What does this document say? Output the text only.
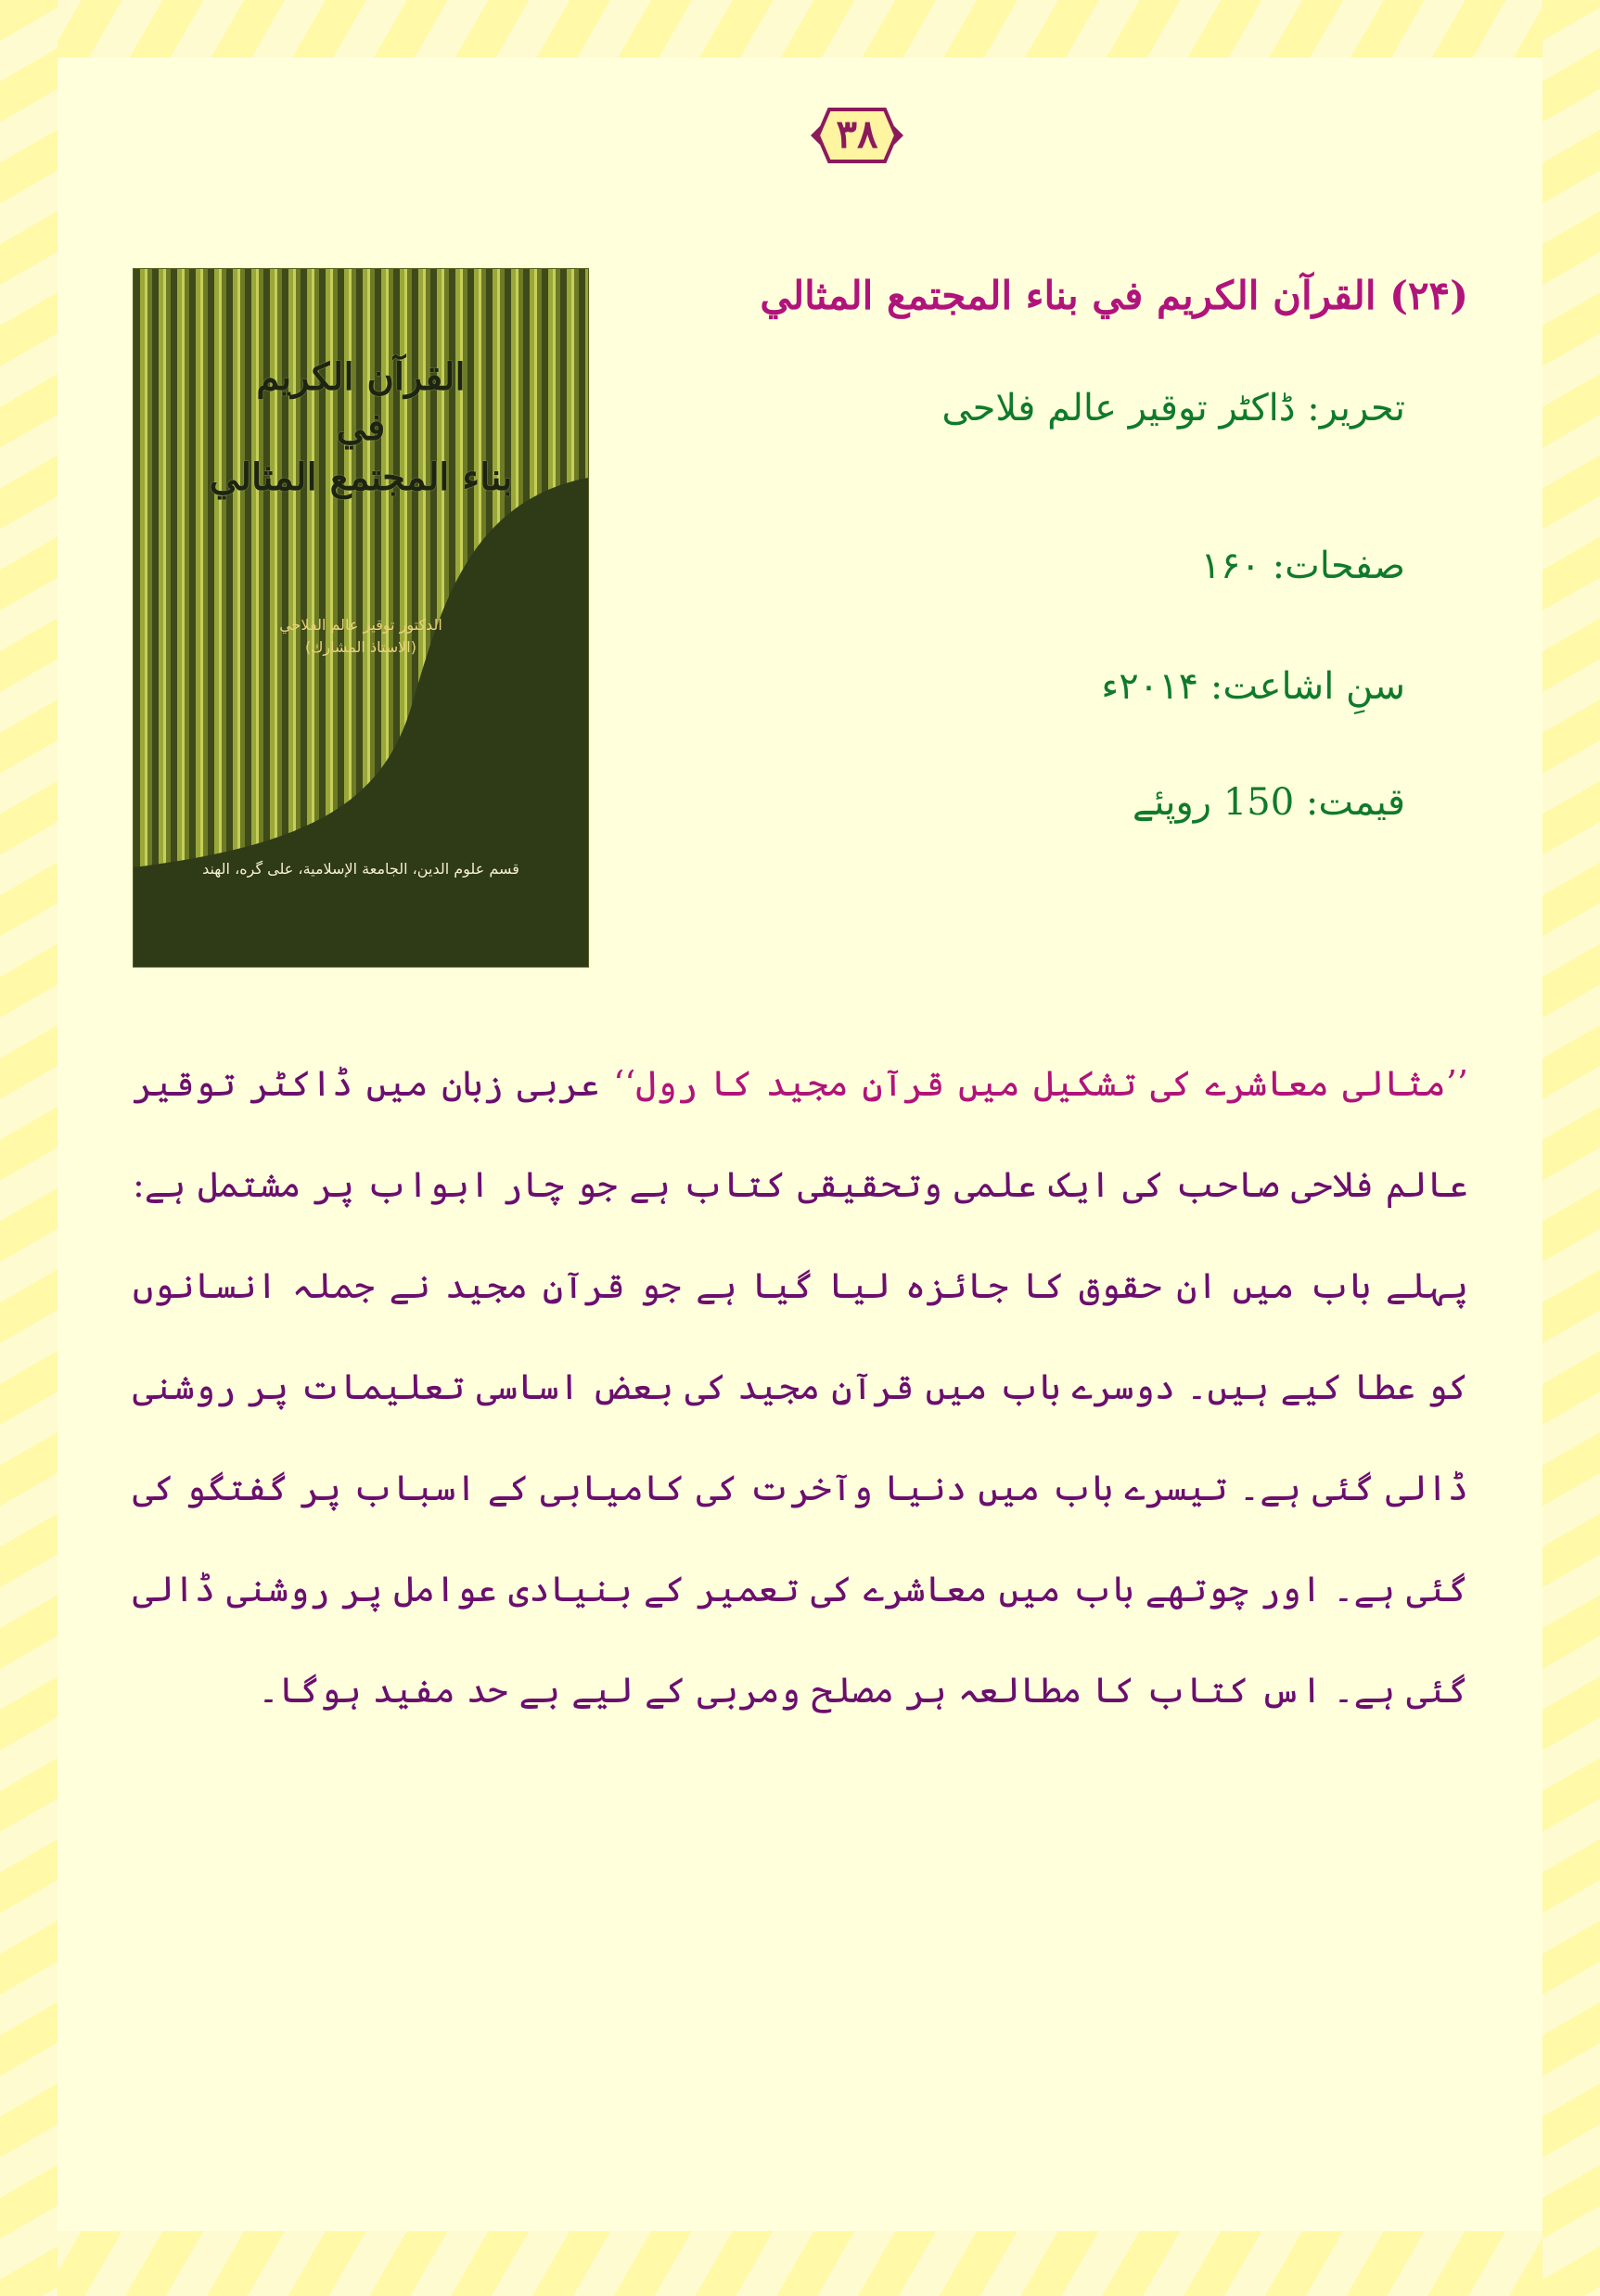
۳۸
القرآن الكريم
في
بناء المجتمع المثالي
الدكتور توقير عالم الفلاحي
(الاستاذ المشارك)
قسم علوم الدين، الجامعة الإسلامية، علی گره، الهند
(۲۴) القرآن الكريم في بناء المجتمع المثالي
تحریر: ڈاکٹر توقیر عالم فلاحی
صفحات: ۱۶۰
سنِ اشاعت: ۲۰۱۴ء
قیمت: 150 روپئے
’’مثالی معاشرے کی تشکیل میں قرآنِ مجید کا رول‘‘ عربی زبان میں ڈاکٹر توقیر عالم فلاحی صاحب کی ایک علمی وتحقیقی کتاب ہے جو چار ابواب پر مشتمل ہے: پہلے باب میں ان حقوق کا جائزہ لیا گیا ہے جو قرآنِ مجید نے جملہ انسانوں کو عطا کیے ہیں۔ دوسرے باب میں قرآنِ مجید کی بعض اساسی تعلیمات پر روشنی ڈالی گئی ہے۔ تیسرے باب میں دنیا وآخرت کی کامیابی کے اسباب پر گفتگو کی گئی ہے۔ اور چوتھے باب میں معاشرے کی تعمیر کے بنیادی عوامل پر روشنی ڈالی گئی ہے۔ اس کتاب کا مطالعہ ہر مصلح ومربی کے لیے بے حد مفید ہوگا۔
